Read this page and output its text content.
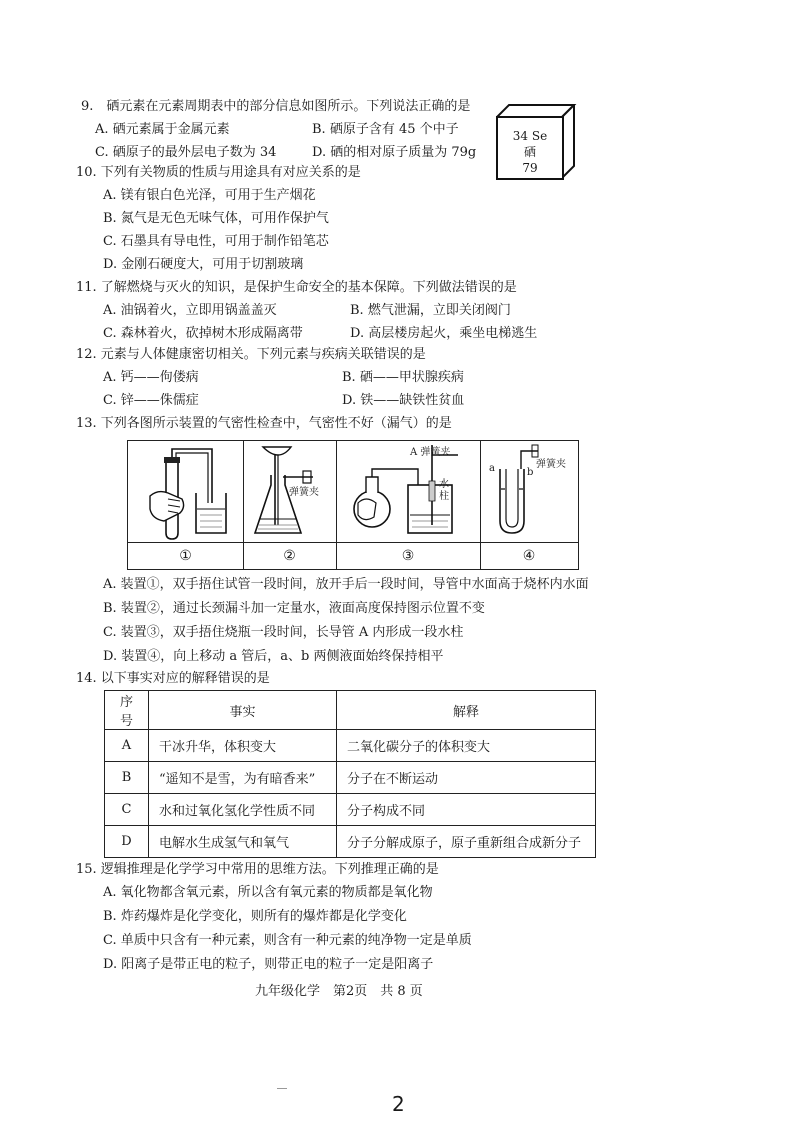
9.　硒元素在元素周期表中的部分信息如图所示。下列说法正确的是
A. 硒元素属于金属元素	B. 硒原子含有 45 个中子
C. 硒原子的最外层电子数为 34	D. 硒的相对原子质量为 79g
34 Se
硒
79
10. 下列有关物质的性质与用途具有对应关系的是
A. 镁有银白色光泽，可用于生产烟花
B. 氮气是无色无味气体，可用作保护气
C. 石墨具有导电性，可用于制作铅笔芯
D. 金刚石硬度大，可用于切割玻璃
11. 了解燃烧与灭火的知识，是保护生命安全的基本保障。下列做法错误的是
A. 油锅着火，立即用锅盖盖灭	B. 燃气泄漏，立即关闭阀门
C. 森林着火，砍掉树木形成隔离带	D. 高层楼房起火，乘坐电梯逃生
12. 元素与人体健康密切相关。下列元素与疾病关联错误的是
A. 钙——佝偻病	B. 硒——甲状腺疾病
C. 锌——侏儒症	D. 铁——缺铁性贫血
13. 下列各图所示装置的气密性检查中，气密性不好（漏气）的是
①
弹簧夹
②
A 弹簧夹
水
柱
③
弹簧夹
a	b
④
A. 装置①，双手捂住试管一段时间，放开手后一段时间，导管中水面高于烧杯内水面
B. 装置②，通过长颈漏斗加一定量水，液面高度保持图示位置不变
C. 装置③，双手捂住烧瓶一段时间，长导管 A 内形成一段水柱
D. 装置④，向上移动 a 管后，a、b 两侧液面始终保持相平
14. 以下事实对应的解释错误的是
序号	事实	解释
A	干冰升华，体积变大	二氧化碳分子的体积变大
B	“遥知不是雪，为有暗香来”	分子在不断运动
C	水和过氧化氢化学性质不同	分子构成不同
D	电解水生成氢气和氧气	分子分解成原子，原子重新组合成新分子
15. 逻辑推理是化学学习中常用的思维方法。下列推理正确的是
A. 氧化物都含氧元素，所以含有氧元素的物质都是氧化物
B. 炸药爆炸是化学变化，则所有的爆炸都是化学变化
C. 单质中只含有一种元素，则含有一种元素的纯净物一定是单质
D. 阳离子是带正电的粒子，则带正电的粒子一定是阳离子
九年级化学　第2页　共 8 页
2
